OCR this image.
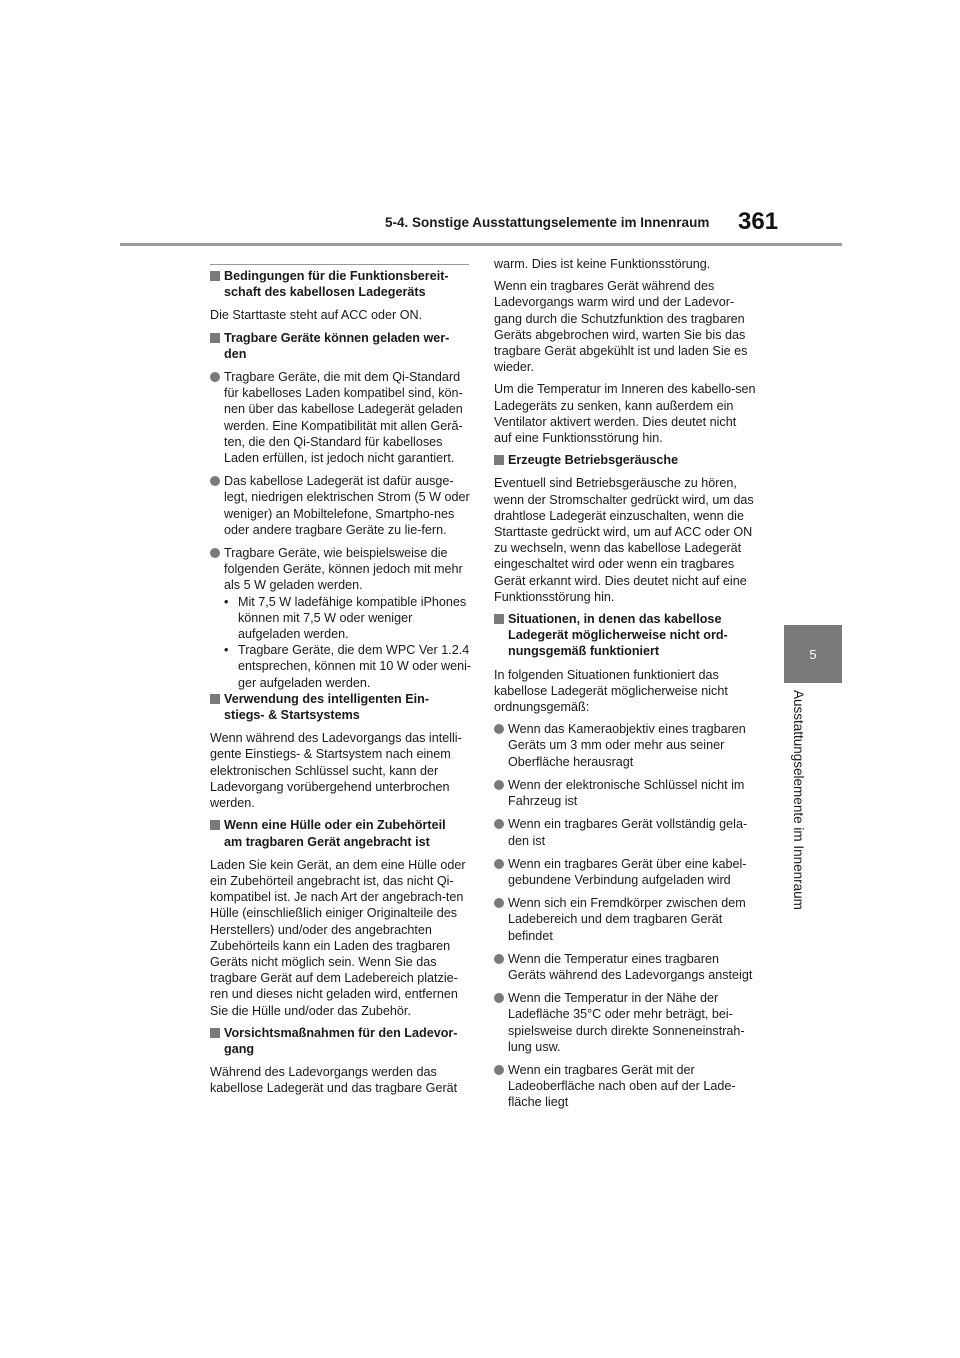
5-4. Sonstige Ausstattungselemente im Innenraum 361
5
Ausstattungselemente im Innenraum
Bedingungen für die Funktionsbereit-
schaft des kabellosen Ladegeräts

Die Starttaste steht auf ACC oder ON.

Tragbare Geräte können geladen wer-
den
Tragbare Geräte, die mit dem Qi-Standard für kabelloses Laden kompatibel sind, kön-nen über das kabellose Ladegerät geladen werden. Eine Kompatibilität mit allen Geră-ten, die den Qi-Standard für kabelloses Laden erfüllen, ist jedoch nicht garantiert.
Das kabellose Ladegerät ist dafür ausge-legt, niedrigen elektrischen Strom (5 W oder weniger) an Mobiltelefone, Smartpho-nes oder andere tragbare Geräte zu lie-fern.
Tragbare Geräte, wie beispielsweise die folgenden Geräte, können jedoch mit mehr als 5 W geladen werden.
• Mit 7,5 W ladefähige kompatible iPhones können mit 7,5 W oder weniger aufgeladen werden.
• Tragbare Geräte, die dem WPC Ver 1.2.4 entsprechen, können mit 10 W oder weni-ger aufgeladen werden.
Verwendung des intelligenten Ein-
stiegs- & Startsystems

Wenn während des Ladevorgangs das intelli-gente Einstiegs- & Startsystem nach einem elektronischen Schlüssel sucht, kann der Ladevorgang vorübergehend unterbrochen werden.

Wenn eine Hülle oder ein Zubehörteil
am tragbaren Gerät angebracht ist

Laden Sie kein Gerät, an dem eine Hülle oder ein Zubehörteil angebracht ist, das nicht Qi-kompatibel ist. Je nach Art der angebrach-ten Hülle (einschließlich einiger Originalteile des Herstellers) und/oder des angebrachten Zubehörteils kann ein Laden des tragbaren Geräts nicht möglich sein. Wenn Sie das tragbare Gerät auf dem Ladebereich platzie-ren und dieses nicht geladen wird, entfernen Sie die Hülle und/oder das Zubehör.

Vorsichtsmaßnahmen für den Ladevor-
gang

Während des Ladevorgangs werden das kabellose Ladegerät und das tragbare Gerät

warm. Dies ist keine Funktionsstörung.

Wenn ein tragbares Gerät während des Ladevorgangs warm wird und der Ladevor-gang durch die Schutzfunktion des tragbaren Geräts abgebrochen wird, warten Sie bis das tragbare Gerät abgekühlt ist und laden Sie es wieder.

Um die Temperatur im Inneren des kabello-sen Ladegeräts zu senken, kann außerdem ein Ventilator aktivert werden. Dies deutet nicht auf eine Funktionsstörung hin.

Erzeugte Betriebsgeräusche

Eventuell sind Betriebsgeräusche zu hören, wenn der Stromschalter gedrückt wird, um das drahtlose Ladegerät einzuschalten, wenn die Starttaste gedrückt wird, um auf ACC oder ON zu wechseln, wenn das kabellose Ladegerät eingeschaltet wird oder wenn ein tragbares Gerät erkannt wird. Dies deutet nicht auf eine Funktionsstörung hin.

Situationen, in denen das kabellose
Ladegerät möglicherweise nicht ord-
nungsgemäß funktioniert

In folgenden Situationen funktioniert das kabellose Ladegerät möglicherweise nicht ordnungsgemäß:

Wenn das Kameraobjektiv eines tragbaren Geräts um 3 mm oder mehr aus seiner Oberfläche herausragt
Wenn der elektronische Schlüssel nicht im Fahrzeug ist
Wenn ein tragbares Gerät vollständig gela-den ist
Wenn ein tragbares Gerät über eine kabel-gebundene Verbindung aufgeladen wird
Wenn sich ein Fremdkörper zwischen dem Ladebereich und dem tragbaren Gerät befindet
Wenn die Temperatur eines tragbaren Geräts während des Ladevorgangs ansteigt
Wenn die Temperatur in der Nähe der Ladefläche 35°C oder mehr beträgt, bei-spielsweise durch direkte Sonneneinstrah-lung usw.
Wenn ein tragbares Gerät mit der Ladeoberfläche nach oben auf der Lade-fläche liegt
